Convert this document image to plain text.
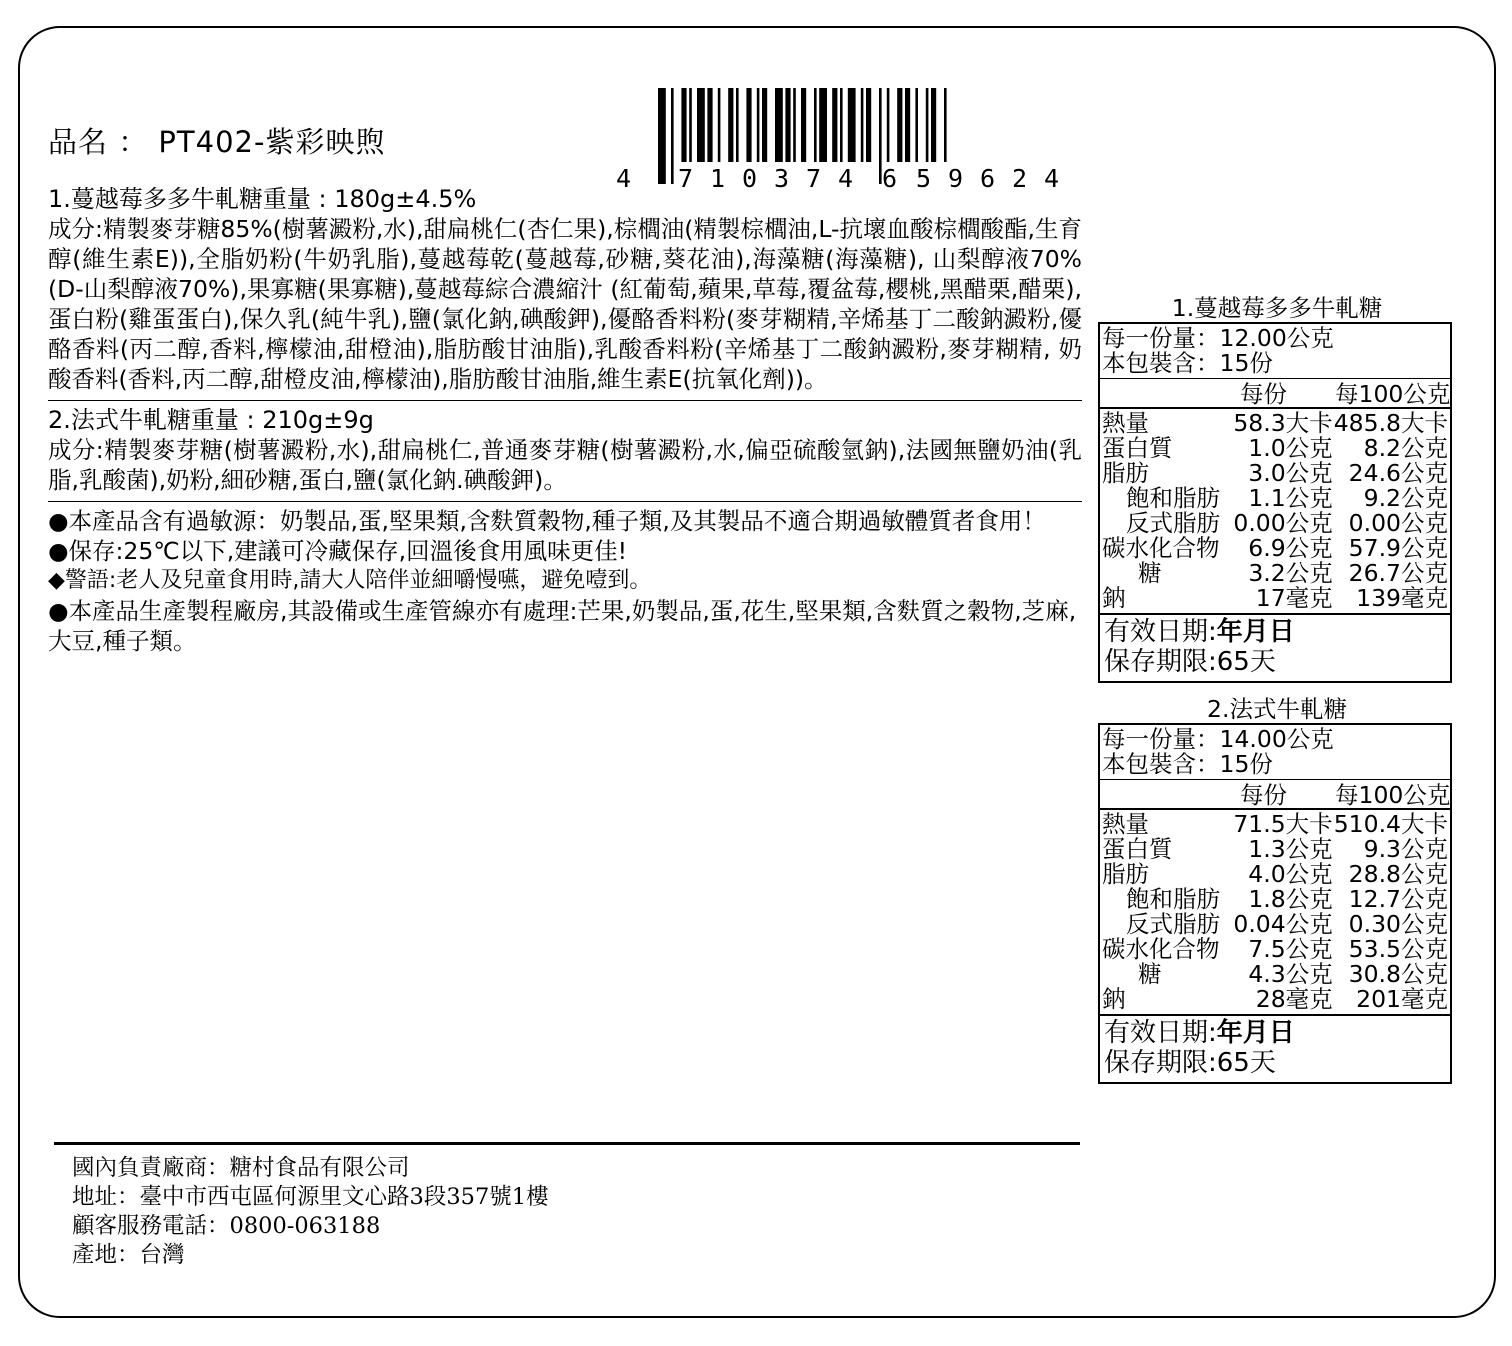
品名 ： PT402-紫彩映煦
4 7 1 0 3 7 4 6 5 9 6 2 4
1.蔓越莓多多牛軋糖重量 : 180g±4.5%
成分:精製麥芽糖85%(樹薯澱粉,水),甜扁桃仁(杏仁果),棕櫚油(精製棕櫚油,L-抗壞血酸棕櫚酸酯,生育醇(維生素E)),全脂奶粉(牛奶乳脂),蔓越莓乾(蔓越莓,砂糖,葵花油),海藻糖(海藻糖), 山梨醇液70% (D-山梨醇液70%),果寡糖(果寡糖),蔓越莓綜合濃縮汁 (紅葡萄,蘋果,草莓,覆盆莓,櫻桃,黑醋栗,醋栗),蛋白粉(雞蛋蛋白),保久乳(純牛乳),鹽(氯化鈉,碘酸鉀),優酪香料粉(麥芽糊精,辛烯基丁二酸鈉澱粉,優酪香料(丙二醇,香料,檸檬油,甜橙油),脂肪酸甘油脂),乳酸香料粉(辛烯基丁二酸鈉澱粉,麥芽糊精, 奶酸香料(香料,丙二醇,甜橙皮油,檸檬油),脂肪酸甘油脂,維生素E(抗氧化劑))。
2.法式牛軋糖重量 : 210g±9g
成分:精製麥芽糖(樹薯澱粉,水),甜扁桃仁,普通麥芽糖(樹薯澱粉,水,偏亞硫酸氫鈉),法國無鹽奶油(乳脂,乳酸菌),奶粉,細砂糖,蛋白,鹽(氯化鈉.碘酸鉀)。
●本產品含有過敏源：奶製品,蛋,堅果類,含麩質穀物,種子類,及其製品不適合期過敏體質者食用！
●保存:25℃以下,建議可冷藏保存,回溫後食用風味更佳!
◆警語:老人及兒童食用時,請大人陪伴並細嚼慢嚥，避免噎到。
●本產品生產製程廠房,其設備或生產管線亦有處理:芒果,奶製品,蛋,花生,堅果類,含麩質之穀物,芝麻,大豆,種子類。
1.蔓越莓多多牛軋糖
每一份量：12.00公克
本包裝含：15份
每份	每100公克
熱量	58.3大卡 485.8大卡
蛋白質	1.0公克	8.2公克
脂肪	3.0公克 24.6公克
飽和脂肪	1.1公克	9.2公克
反式脂肪 0.00公克 0.00公克
碳水化合物	6.9公克 57.9公克
糖	3.2公克 26.7公克
鈉	17毫克 139毫克
有效日期:年月日
保存期限:65天
2.法式牛軋糖
每一份量：14.00公克
本包裝含：15份
每份	每100公克
熱量	71.5大卡 510.4大卡
蛋白質	1.3公克	9.3公克
脂肪	4.0公克 28.8公克
飽和脂肪	1.8公克 12.7公克
反式脂肪 0.04公克 0.30公克
碳水化合物	7.5公克 53.5公克
糖	4.3公克 30.8公克
鈉	28毫克 201毫克
有效日期:年月日
保存期限:65天
國內負責廠商：糖村食品有限公司
地址：臺中市西屯區何源里文心路3段357號1樓
顧客服務電話：0800-063188
產地：台灣
